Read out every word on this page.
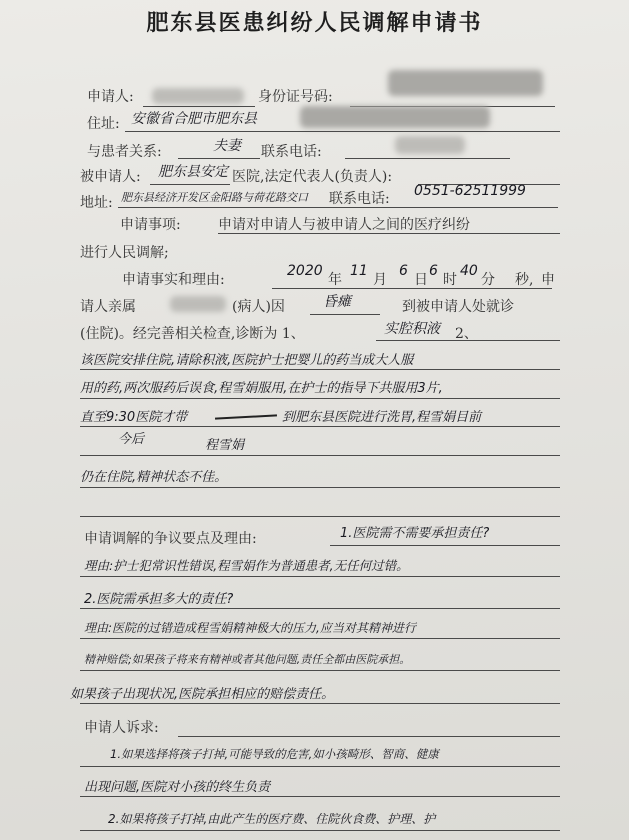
肥东县医患纠纷人民调解申请书
申请人:	身份证号码:
住址: 安徽省合肥市肥东县
与患者关系:	夫妻 联系电话:
被申请人: 肥东县安定 医院,法定代表人(负责人):
地址: 肥东县经济开发区金阳路与荷花路交口 联系电话: 0551-62511999
申请事项:	申请对申请人与被申请人之间的医疗纠纷
进行人民调解;
申请事实和理由:
2020
年
11
月
6
日
6
时
40
分 秒, 申
请人亲属	(病人)因	昏瘫	到被申请人处就诊
(住院)。经完善相关检查,诊断为 1、	实腔积液 2、
该医院安排住院,请除积液,医院护士把婴儿的药当成大人服
用的药,两次服药后误食,程雪娟服用,在护士的指导下共服用3片,
直至9:30医院才带	到肥东县医院进行洗胃,程雪娟目前
今后	程雪娟
仍在住院,精神状态不佳。
申请调解的争议要点及理由:	1.医院需不需要承担责任?
理由:护士犯常识性错误,程雪娟作为普通患者,无任何过错。
2.医院需承担多大的责任?
理由:医院的过错造成程雪娟精神极大的压力,应当对其精神进行
精神赔偿;如果孩子将来有精神或者其他问题,责任全都由医院承担。
如果孩子出现状况,医院承担相应的赔偿责任。
申请人诉求:
1.如果选择将孩子打掉,可能导致的危害,如小孩畸形、智商、健康
出现问题,医院对小孩的终生负责
2.如果将孩子打掉,由此产生的医疗费、住院伙食费、护理、护
